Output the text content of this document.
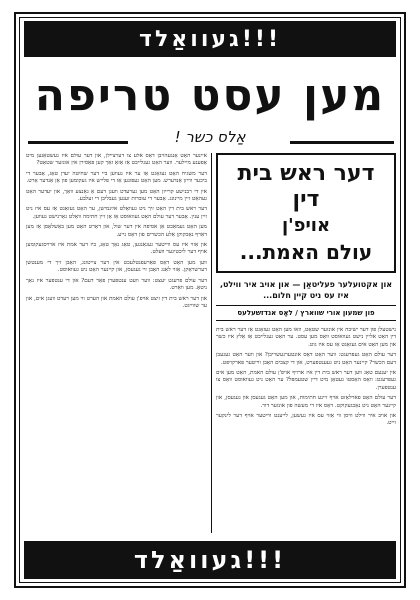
געוואַלד!!!
מען עסט טריפה
אַלס כשר !

איינער האָט אָנגעהויבן דאָס אלע צו דערציילן, און דער עולם איז געשטאַנען מיט אָפענע מיילער. ווער האָט געגלייבט אַז אַזאַ זאַך קען פּאַסירן אין אונזער שטאָט?

דער משגיח האָט געזאָגט אַז ער איז געווען ביי דער שחיטה יעדן טאָג, אָבער די ביכער ווייזן אַנדערש. מען האָט געפונען אַז די פלייש איז געקומען פון אַן אַנדער אָרט.

אין די רבנישע קרייזן האָט מען גערעדט וועגן דעם אַ גאַנצע וואָך, און יעדער האָט געהאַט זיין מיינונג. אָבער די עובדות זענען געבליבן די זעלבע.

דער ראש בית דין האָט זיך ניט געוואָלט אײַנמישן, ער האָט געזאָגט אַז עס איז ניט זיין ענין. אָבער דער עולם האָט געוואוסט אַז אָן זיין חתימה וואָלט גאָרנישט געווען.

מען האָט געמאַכט אַן אסיפה אין דער שול, און דאָרט האָט מען באַשלאָסן אַז מען דאַרף נאָכקוקן אַלע הכשרים פון דאָס נייע.

און אַזוי איז עס ווייטער געגאַנגען, טאָג נאָך טאָג, ביז דער אמת איז ארויסגעקומען אויף דער ליכטיגער וועלט.

ווען מען האָט דאָס פאַרעפנטלעכט אין דער צייטונג, האָבן זיך די מענטשן דערשראָקן. אַזוי לאַנג האָבן זיי געגעסן, און קיינער האָט ניט געוואוסט.

דער עולם פרעגט יעצט: ווער וועט ענטפערן פאַר דעם? און די ענטפער איז נאָך ניטאָ. מען וואַרט.

און דער ראש בית דין זיצט אויפ'ן עולם האמת און הערט ווי מען רעדט וועגן אים, און ער שווייגט.

דער ראש בית דין
אויפ'ן
עולם האמת...
און אקטועלער פעליטאַן — און אויב איר ווילט, איז עס ניט קיין חלום...
פון שמעון אורי שווארץ / לאָס אנדזשעלעס

נישטעלן פון דער ישיבה אין אונזער שטאָט, וואו מען האָט געזאָגט אַז דער ראש בית דין האָט אליין נישט געוואוסט וואָס מען עסט. ער האָט געגלייבט אַז אַלץ איז כשר און מען האָט אים געזאָגט אַז עס איז גוט.

דער עולם האָט געפרעגט: ווער האָט דאָס אונטערגעשריבן? און ווער האָט געגעבן דעם הכשר? קיינער האָט ניט געענטפערט, און די קצבים האָבן ווייטער פארקויפט.

אין יענעם טאָג ווען דער ראש בית דין איז ארויף אויפ'ן עולם האמת, האָט מען אים געפרעגט: וואָס האָסטו געטאָן מיט דיין שטעמפּל? ער האָט ניט געוואוסט וואָס צו ענטפערן.

דער עולם האָט פארלאָזט אויף זיינע חתימות, און מען האָט געגעסן און געגעסן, און קיינער האָט ניט נאָכגעקוקט. דאָס איז די מעשה פון אונזער דור.

און אויב איר ווילט וויסן ווי אַזוי עס איז געשען, לייענט ווייטער אויף דער לינקער זייט.

געוואַלד!!!
